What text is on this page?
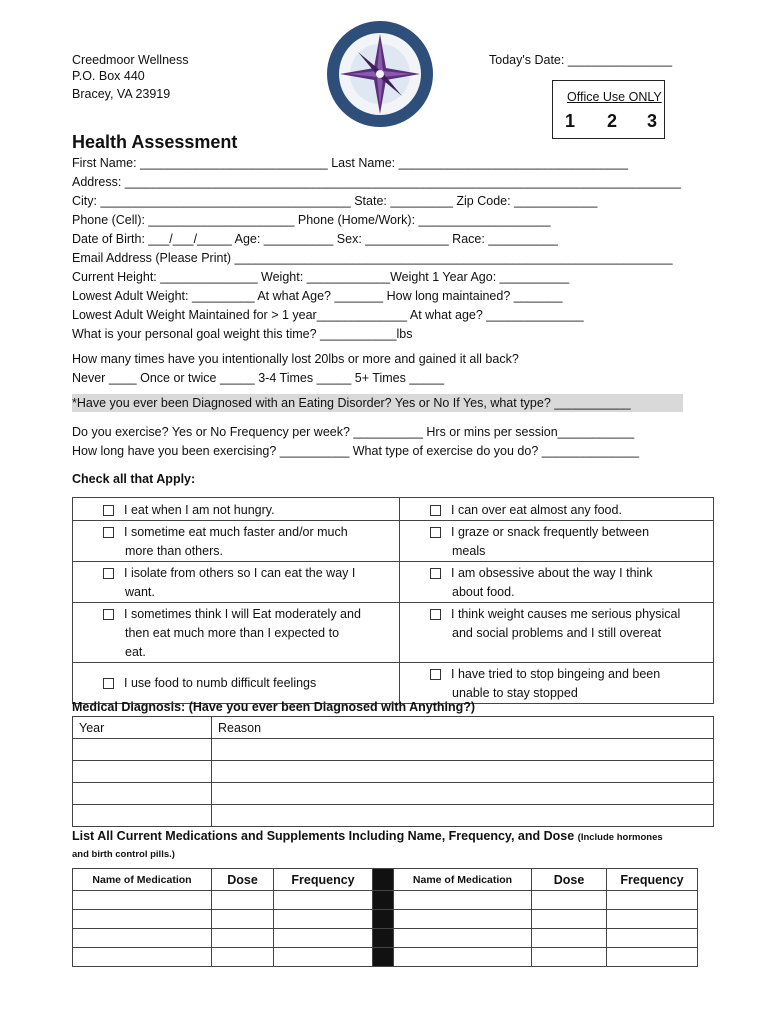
Creedmoor Wellness
P.O. Box 440
Bracey, VA 23919
Today's Date: _______________
Office Use ONLY
1 2 3
Health Assessment
First Name: ___________________________ Last Name: _________________________________
Address: ________________________________________________________________________________
City: ____________________________________ State: _________ Zip Code: ____________
Phone (Cell): _____________________ Phone (Home/Work): ___________________
Date of Birth: ___/___/_____ Age: __________ Sex: ____________ Race: __________
Email Address (Please Print) _______________________________________________________________
Current Height: ______________ Weight: ____________Weight 1 Year Ago: __________
Lowest Adult Weight: _________ At what Age? _______ How long maintained? _______
Lowest Adult Weight Maintained for > 1 year_____________ At what age? ______________
What is your personal goal weight this time? ___________lbs
How many times have you intentionally lost 20lbs or more and gained it all back?
Never ____ Once or twice _____ 3-4 Times _____ 5+ Times _____
*Have you ever been Diagnosed with an Eating Disorder? Yes or No If Yes, what type? ___________
Do you exercise? Yes or No Frequency per week? __________ Hrs or mins per session___________
How long have you been exercising? __________ What type of exercise do you do? ______________
Check all that Apply:
I eat when I am not hungry.	I can over eat almost any food.

I sometime eat much faster and/or much
more than others.	I graze or snack frequently between
meals

I isolate from others so I can eat the way I
want.	I am obsessive about the way I think
about food.

I sometimes think I will Eat moderately and
then eat much more than I expected to
eat.	I think weight causes me serious physical
and social problems and I still overeat

I use food to numb difficult feelings	I have tried to stop bingeing and been
unable to stay stopped
Medical Diagnosis: (Have you ever been Diagnosed with Anything?)
Year	Reason

List All Current Medications and Supplements Including Name, Frequency, and Dose (Include hormones
and birth control pills.)
Name of Medication	Dose	Frequency		Name of Medication	Dose	Frequency
